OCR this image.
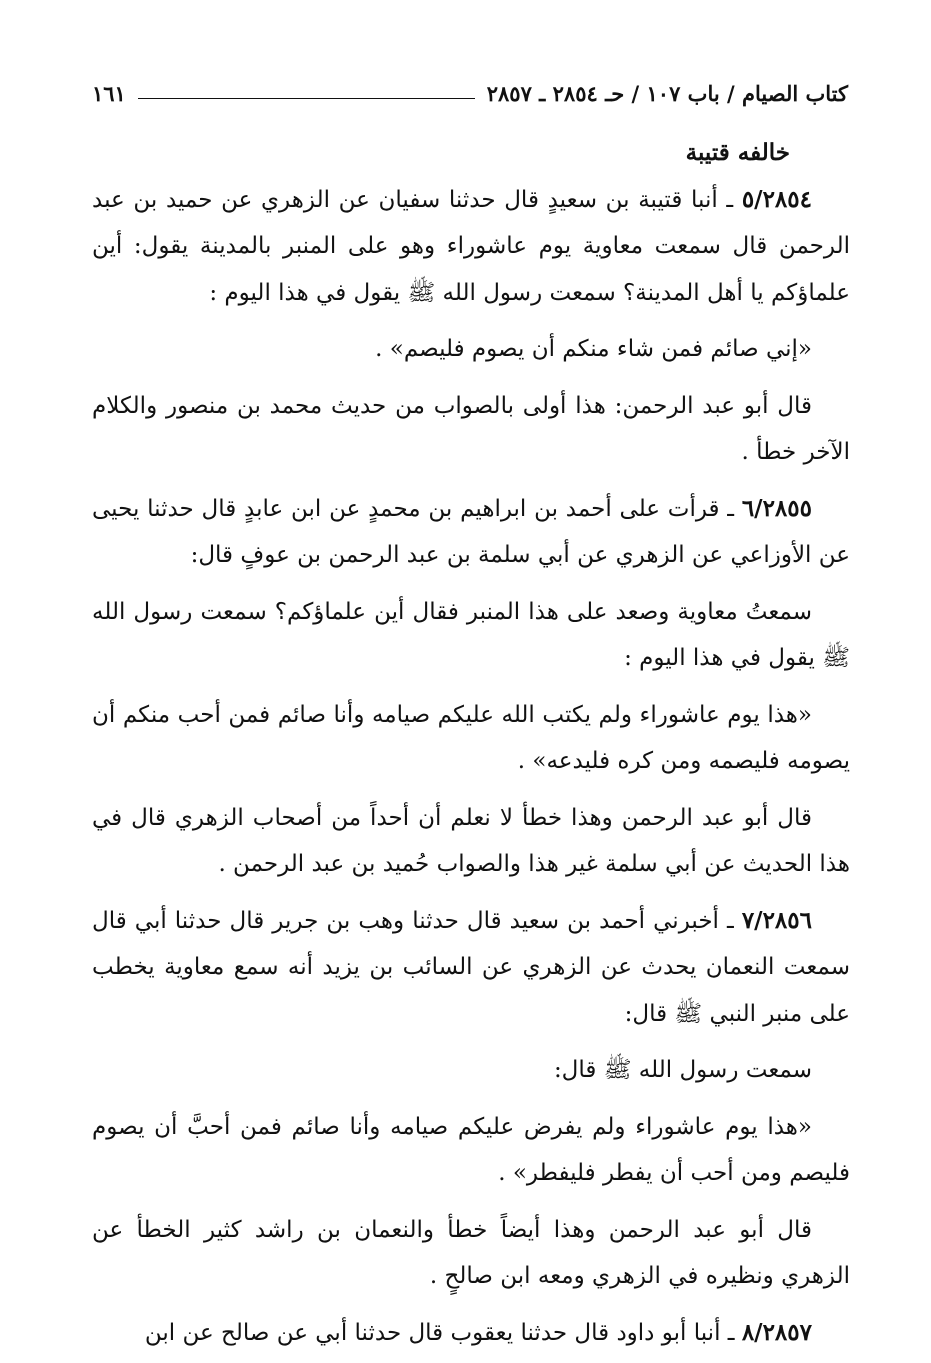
كتاب الصيام / باب ١٠٧ / حـ ٢٨٥٤ ـ ٢٨٥٧
١٦١

خالفه قتيبة

٥/٢٨٥٤ ـ أنبا قتيبة بن سعيدٍ قال حدثنا سفيان عن الزهري عن حميد بن عبد الرحمن قال سمعت معاوية يوم عاشوراء وهو على المنبر بالمدينة يقول: أين علماؤكم يا أهل المدينة؟ سمعت رسول الله ﷺ يقول في هذا اليوم :

«إني صائم فمن شاء منكم أن يصوم فليصم» .

قال أبو عبد الرحمن: هذا أولى بالصواب من حديث محمد بن منصور والكلام الآخر خطأ .

٦/٢٨٥٥ ـ قرأت على أحمد بن ابراهيم بن محمدٍ عن ابن عابدٍ قال حدثنا يحيى عن الأوزاعي عن الزهري عن أبي سلمة بن عبد الرحمن بن عوفٍ قال:

سمعتُ معاوية وصعد على هذا المنبر فقال أين علماؤكم؟ سمعت رسول الله ﷺ يقول في هذا اليوم :

«هذا يوم عاشوراء ولم يكتب الله عليكم صيامه وأنا صائم فمن أحب منكم أن يصومه فليصمه ومن كره فليدعه» .

قال أبو عبد الرحمن وهذا خطأ لا نعلم أن أحداً من أصحاب الزهري قال في هذا الحديث عن أبي سلمة غير هذا والصواب حُميد بن عبد الرحمن .

٧/٢٨٥٦ ـ أخبرني أحمد بن سعيد قال حدثنا وهب بن جرير قال حدثنا أبي قال سمعت النعمان يحدث عن الزهري عن السائب بن يزيد أنه سمع معاوية يخطب على منبر النبي ﷺ قال:

سمعت رسول الله ﷺ قال:

«هذا يوم عاشوراء ولم يفرض عليكم صيامه وأنا صائم فمن أحبَّ أن يصوم فليصم ومن أحب أن يفطر فليفطر» .

قال أبو عبد الرحمن وهذا أيضاً خطأ والنعمان بن راشد كثير الخطأ عن الزهري ونظيره في الزهري ومعه ابن صالحٍ .

٨/٢٨٥٧ ـ أنبا أبو داود قال حدثنا يعقوب قال حدثنا أبي عن صالح عن ابن
